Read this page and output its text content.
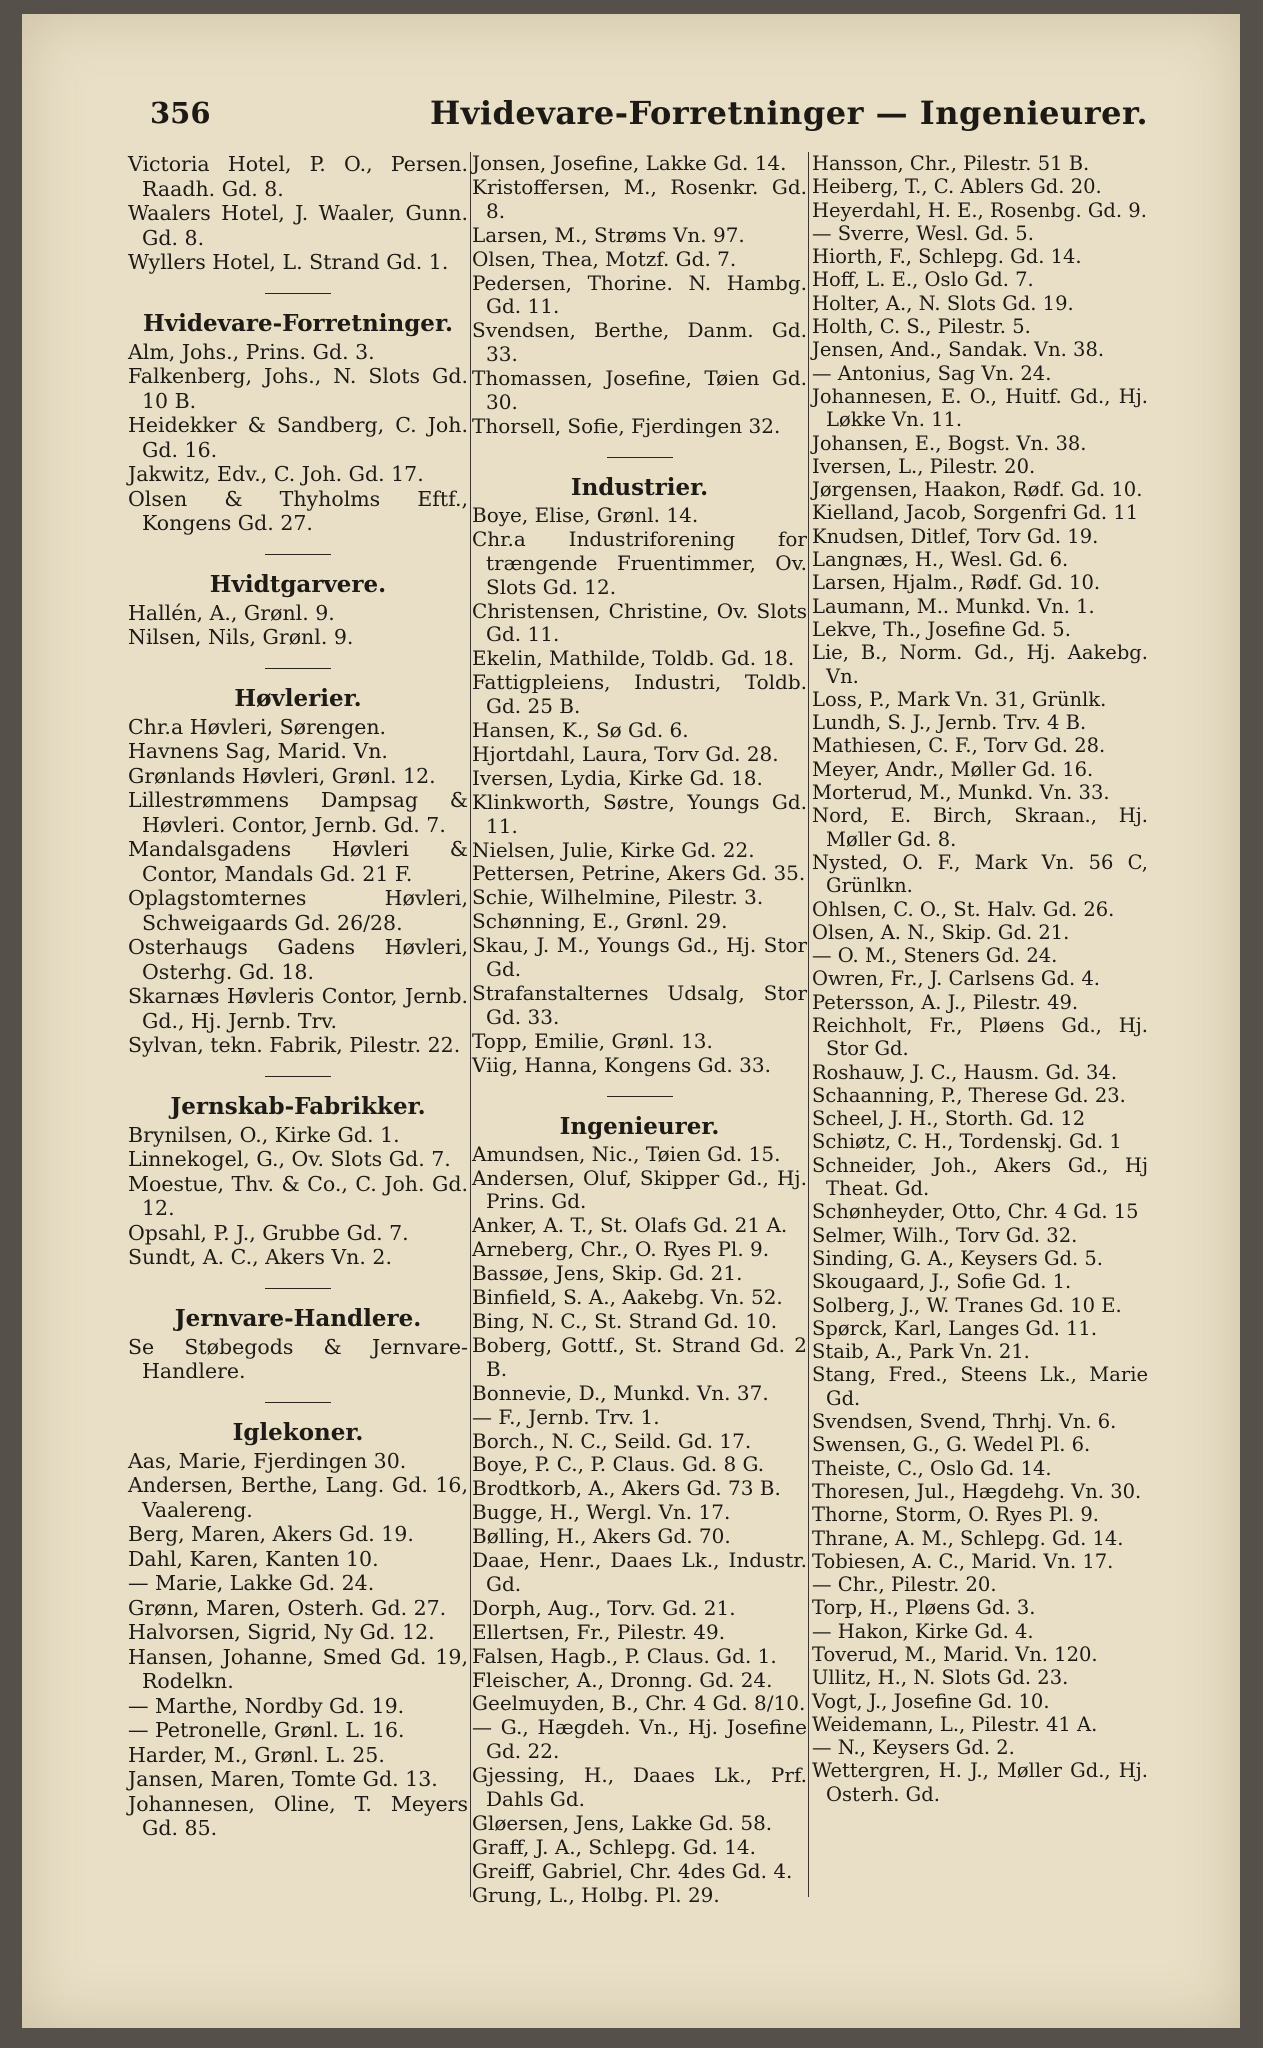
356	Hvidevare-Forretninger — Ingenieurer.
Victoria Hotel, P. O., Persen. Raadh. Gd. 8.
Waalers Hotel, J. Waaler, Gunn. Gd. 8.
Wyllers Hotel, L. Strand Gd. 1.
Hvidevare-Forretninger.
Alm, Johs., Prins. Gd. 3.
Falkenberg, Johs., N. Slots Gd. 10 B.
Heidekker & Sandberg, C. Joh. Gd. 16.
Jakwitz, Edv., C. Joh. Gd. 17.
Olsen & Thyholms Eftf., Kongens Gd. 27.
Hvidtgarvere.
Hallén, A., Grønl. 9.
Nilsen, Nils, Grønl. 9.
Høvlerier.
Chr.a Høvleri, Sørengen.
Havnens Sag, Marid. Vn.
Grønlands Høvleri, Grønl. 12.
Lillestrømmens Dampsag & Høvleri. Contor, Jernb. Gd. 7.
Mandalsgadens Høvleri & Contor, Mandals Gd. 21 F.
Oplagstomternes Høvleri, Schweigaards Gd. 26/28.
Osterhaugs Gadens Høvleri, Osterhg. Gd. 18.
Skarnæs Høvleris Contor, Jernb. Gd., Hj. Jernb. Trv.
Sylvan, tekn. Fabrik, Pilestr. 22.
Jernskab-Fabrikker.
Brynilsen, O., Kirke Gd. 1.
Linnekogel, G., Ov. Slots Gd. 7.
Moestue, Thv. & Co., C. Joh. Gd. 12.
Opsahl, P. J., Grubbe Gd. 7.
Sundt, A. C., Akers Vn. 2.
Jernvare-Handlere.
Se Støbegods & Jernvare-Handlere.
Iglekoner.
Aas, Marie, Fjerdingen 30.
Andersen, Berthe, Lang. Gd. 16, Vaalereng.
Berg, Maren, Akers Gd. 19.
Dahl, Karen, Kanten 10.
— Marie, Lakke Gd. 24.
Grønn, Maren, Osterh. Gd. 27.
Halvorsen, Sigrid, Ny Gd. 12.
Hansen, Johanne, Smed Gd. 19, Rodelkn.
— Marthe, Nordby Gd. 19.
— Petronelle, Grønl. L. 16.
Harder, M., Grønl. L. 25.
Jansen, Maren, Tomte Gd. 13.
Johannesen, Oline, T. Meyers Gd. 85.
Jonsen, Josefine, Lakke Gd. 14.
Kristoffersen, M., Rosenkr. Gd. 8.
Larsen, M., Strøms Vn. 97.
Olsen, Thea, Motzf. Gd. 7.
Pedersen, Thorine. N. Hambg. Gd. 11.
Svendsen, Berthe, Danm. Gd. 33.
Thomassen, Josefine, Tøien Gd. 30.
Thorsell, Sofie, Fjerdingen 32.
Industrier.
Boye, Elise, Grønl. 14.
Chr.a Industriforening for trængende Fruentimmer, Ov. Slots Gd. 12.
Christensen, Christine, Ov. Slots Gd. 11.
Ekelin, Mathilde, Toldb. Gd. 18.
Fattigpleiens, Industri, Toldb. Gd. 25 B.
Hansen, K., Sø Gd. 6.
Hjortdahl, Laura, Torv Gd. 28.
Iversen, Lydia, Kirke Gd. 18.
Klinkworth, Søstre, Youngs Gd. 11.
Nielsen, Julie, Kirke Gd. 22.
Pettersen, Petrine, Akers Gd. 35.
Schie, Wilhelmine, Pilestr. 3.
Schønning, E., Grønl. 29.
Skau, J. M., Youngs Gd., Hj. Stor Gd.
Strafanstalternes Udsalg, Stor Gd. 33.
Topp, Emilie, Grønl. 13.
Viig, Hanna, Kongens Gd. 33.
Ingenieurer.
Amundsen, Nic., Tøien Gd. 15.
Andersen, Oluf, Skipper Gd., Hj. Prins. Gd.
Anker, A. T., St. Olafs Gd. 21 A.
Arneberg, Chr., O. Ryes Pl. 9.
Bassøe, Jens, Skip. Gd. 21.
Binfield, S. A., Aakebg. Vn. 52.
Bing, N. C., St. Strand Gd. 10.
Boberg, Gottf., St. Strand Gd. 2 B.
Bonnevie, D., Munkd. Vn. 37.
— F., Jernb. Trv. 1.
Borch., N. C., Seild. Gd. 17.
Boye, P. C., P. Claus. Gd. 8 G.
Brodtkorb, A., Akers Gd. 73 B.
Bugge, H., Wergl. Vn. 17.
Bølling, H., Akers Gd. 70.
Daae, Henr., Daaes Lk., Industr. Gd.
Dorph, Aug., Torv. Gd. 21.
Ellertsen, Fr., Pilestr. 49.
Falsen, Hagb., P. Claus. Gd. 1.
Fleischer, A., Dronng. Gd. 24.
Geelmuyden, B., Chr. 4 Gd. 8/10.
— G., Hægdeh. Vn., Hj. Josefine Gd. 22.
Gjessing, H., Daaes Lk., Prf. Dahls Gd.
Gløersen, Jens, Lakke Gd. 58.
Graff, J. A., Schlepg. Gd. 14.
Greiff, Gabriel, Chr. 4des Gd. 4.
Grung, L., Holbg. Pl. 29.
Hansson, Chr., Pilestr. 51 B.
Heiberg, T., C. Ablers Gd. 20.
Heyerdahl, H. E., Rosenbg. Gd. 9.
— Sverre, Wesl. Gd. 5.
Hiorth, F., Schlepg. Gd. 14.
Hoff, L. E., Oslo Gd. 7.
Holter, A., N. Slots Gd. 19.
Holth, C. S., Pilestr. 5.
Jensen, And., Sandak. Vn. 38.
— Antonius, Sag Vn. 24.
Johannesen, E. O., Huitf. Gd., Hj. Løkke Vn. 11.
Johansen, E., Bogst. Vn. 38.
Iversen, L., Pilestr. 20.
Jørgensen, Haakon, Rødf. Gd. 10.
Kielland, Jacob, Sorgenfri Gd. 11
Knudsen, Ditlef, Torv Gd. 19.
Langnæs, H., Wesl. Gd. 6.
Larsen, Hjalm., Rødf. Gd. 10.
Laumann, M.. Munkd. Vn. 1.
Lekve, Th., Josefine Gd. 5.
Lie, B., Norm. Gd., Hj. Aakebg. Vn.
Loss, P., Mark Vn. 31, Grünlk.
Lundh, S. J., Jernb. Trv. 4 B.
Mathiesen, C. F., Torv Gd. 28.
Meyer, Andr., Møller Gd. 16.
Morterud, M., Munkd. Vn. 33.
Nord, E. Birch, Skraan., Hj. Møller Gd. 8.
Nysted, O. F., Mark Vn. 56 C, Grünlkn.
Ohlsen, C. O., St. Halv. Gd. 26.
Olsen, A. N., Skip. Gd. 21.
— O. M., Steners Gd. 24.
Owren, Fr., J. Carlsens Gd. 4.
Petersson, A. J., Pilestr. 49.
Reichholt, Fr., Pløens Gd., Hj. Stor Gd.
Roshauw, J. C., Hausm. Gd. 34.
Schaanning, P., Therese Gd. 23.
Scheel, J. H., Storth. Gd. 12
Schiøtz, C. H., Tordenskj. Gd. 1
Schneider, Joh., Akers Gd., Hj Theat. Gd.
Schønheyder, Otto, Chr. 4 Gd. 15
Selmer, Wilh., Torv Gd. 32.
Sinding, G. A., Keysers Gd. 5.
Skougaard, J., Sofie Gd. 1.
Solberg, J., W. Tranes Gd. 10 E.
Spørck, Karl, Langes Gd. 11.
Staib, A., Park Vn. 21.
Stang, Fred., Steens Lk., Marie Gd.
Svendsen, Svend, Thrhj. Vn. 6.
Swensen, G., G. Wedel Pl. 6.
Theiste, C., Oslo Gd. 14.
Thoresen, Jul., Hægdehg. Vn. 30.
Thorne, Storm, O. Ryes Pl. 9.
Thrane, A. M., Schlepg. Gd. 14.
Tobiesen, A. C., Marid. Vn. 17.
— Chr., Pilestr. 20.
Torp, H., Pløens Gd. 3.
— Hakon, Kirke Gd. 4.
Toverud, M., Marid. Vn. 120.
Ullitz, H., N. Slots Gd. 23.
Vogt, J., Josefine Gd. 10.
Weidemann, L., Pilestr. 41 A.
— N., Keysers Gd. 2.
Wettergren, H. J., Møller Gd., Hj. Osterh. Gd.
